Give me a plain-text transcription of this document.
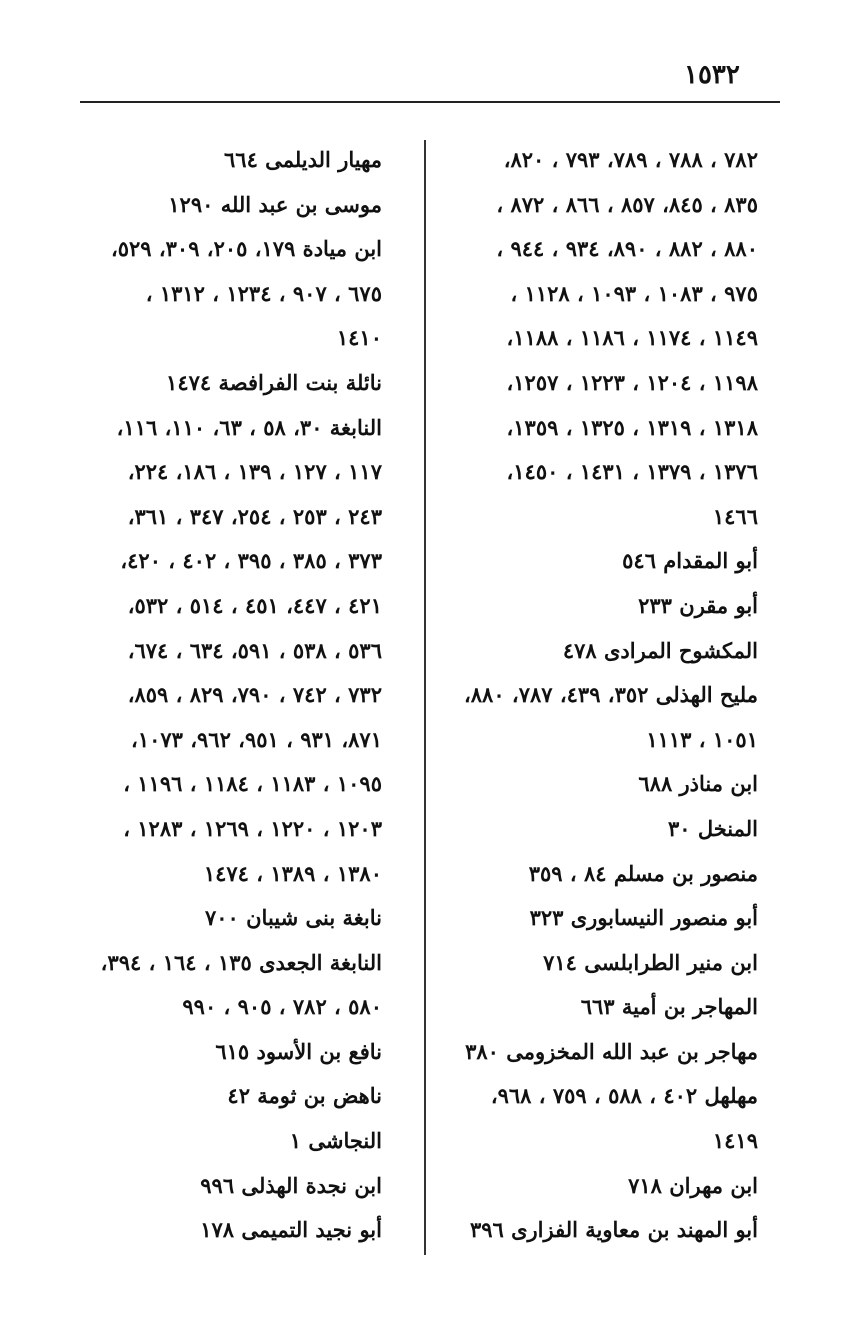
١٥٣٢
٧٨٢ ، ٧٨٨ ، ٧٨٩، ٧٩٣ ، ٨٢٠،
٨٣٥ ، ٨٤٥، ٨٥٧ ، ٨٦٦ ، ٨٧٢ ،
٨٨٠ ، ٨٨٢ ، ٨٩٠، ٩٣٤ ، ٩٤٤ ،
٩٧٥ ، ١٠٨٣ ، ١٠٩٣ ، ١١٢٨ ،
١١٤٩ ، ١١٧٤ ، ١١٨٦ ، ١١٨٨،
١١٩٨ ، ١٢٠٤ ، ١٢٢٣ ، ١٢٥٧،
١٣١٨ ، ١٣١٩ ، ١٣٢٥ ، ١٣٥٩،
١٣٧٦ ، ١٣٧٩ ، ١٤٣١ ، ١٤٥٠،
١٤٦٦
أبو المقدام ٥٤٦
أبو مقرن ٢٣٣
المكشوح المرادى ٤٧٨
مليح الهذلى ٣٥٢، ٤٣٩، ٧٨٧، ٨٨٠،
١٠٥١ ، ١١١٣
ابن مناذر ٦٨٨
المنخل ٣٠
منصور بن مسلم ٨٤ ، ٣٥٩
أبو منصور النيسابورى ٣٢٣
ابن منير الطرابلسى ٧١٤
المهاجر بن أمية ٦٦٣
مهاجر بن عبد الله المخزومى ٣٨٠
مهلهل ٤٠٢ ، ٥٨٨ ، ٧٥٩ ، ٩٦٨،
١٤١٩
ابن مهران ٧١٨
أبو المهند بن معاوية الفزارى ٣٩٦
مهيار الديلمى ٦٦٤
موسى بن عبد الله ١٢٩٠
ابن ميادة ١٧٩، ٢٠٥، ٣٠٩، ٥٢٩،
٦٧٥ ، ٩٠٧ ، ١٢٣٤ ، ١٣١٢ ،
١٤١٠
نائلة بنت الفرافصة ١٤٧٤
النابغة ٣٠، ٥٨ ، ٦٣، ١١٠، ١١٦،
١١٧ ، ١٢٧ ، ١٣٩ ، ١٨٦، ٢٢٤،
٢٤٣ ، ٢٥٣ ، ٢٥٤، ٣٤٧ ، ٣٦١،
٣٧٣ ، ٣٨٥ ، ٣٩٥ ، ٤٠٢ ، ٤٢٠،
٤٢١ ، ٤٤٧، ٤٥١ ، ٥١٤ ، ٥٣٢،
٥٣٦ ، ٥٣٨ ، ٥٩١، ٦٣٤ ، ٦٧٤،
٧٣٢ ، ٧٤٢ ، ٧٩٠، ٨٢٩ ، ٨٥٩،
٨٧١، ٩٣١ ، ٩٥١، ٩٦٢، ١٠٧٣،
١٠٩٥ ، ١١٨٣ ، ١١٨٤ ، ١١٩٦ ،
١٢٠٣ ، ١٢٢٠ ، ١٢٦٩ ، ١٢٨٣ ،
١٣٨٠ ، ١٣٨٩ ، ١٤٧٤
نابغة بنى شيبان ٧٠٠
النابغة الجعدى ١٣٥ ، ١٦٤ ، ٣٩٤،
٥٨٠ ، ٧٨٢ ، ٩٠٥ ، ٩٩٠
نافع بن الأسود ٦١٥
ناهض بن ثومة ٤٢
النجاشى ١
ابن نجدة الهذلى ٩٩٦
أبو نجيد التميمى ١٧٨
